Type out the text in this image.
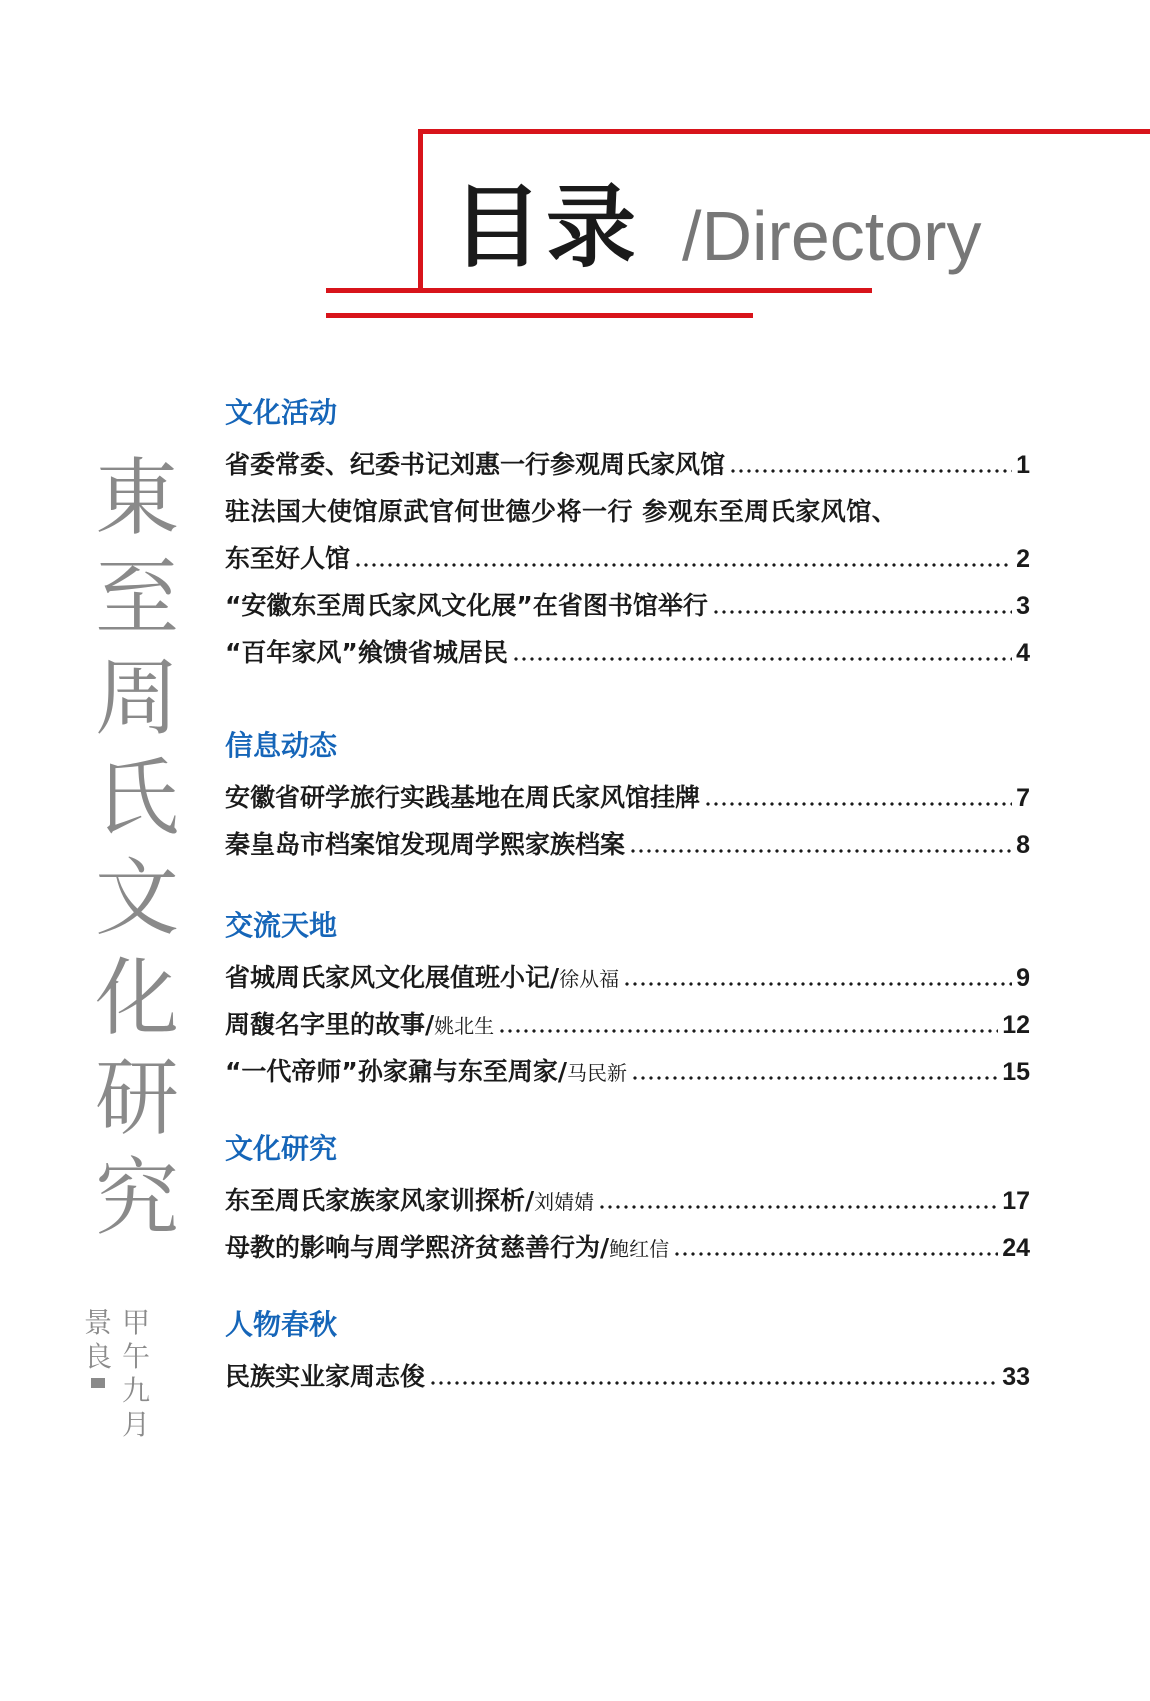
目录 /Directory
東
至
周
氏
文
化
研
究
甲
午
九
月
景
良
文化活动
省委常委、纪委书记刘惠一行参观周氏家风馆	1
驻法国大使馆原武官何世德少将一行 参观东至周氏家风馆、
东至好人馆	2
“安徽东至周氏家风文化展”在省图书馆举行	3
“百年家风”飨馈省城居民	4
信息动态
安徽省研学旅行实践基地在周氏家风馆挂牌	7
秦皇岛市档案馆发现周学熙家族档案	8
交流天地
省城周氏家风文化展值班小记/ 徐从福	9
周馥名字里的故事/ 姚北生	12
“一代帝师”孙家鼐与东至周家/ 马民新	15
文化研究
东至周氏家族家风家训探析/ 刘婧婧	17
母教的影响与周学熙济贫慈善行为/ 鲍红信	24
人物春秋
民族实业家周志俊	33
